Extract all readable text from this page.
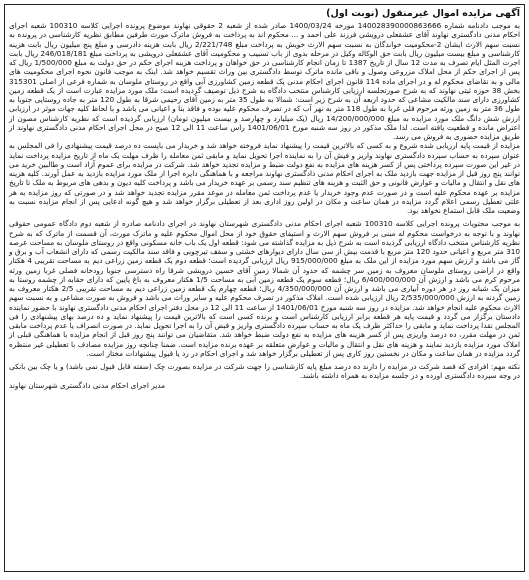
آگهی مزایده اموال غیرمنقول (نوبت اول)

به موجب دادنامه شماره 140028390000863666 مورخه 1400/03/24 صادر شده از شعبه 2 حقوقی نهاوند موضوع پرونده اجرایی کلاسه 100310 شعبه اجرای احکام مدنی دادگستری نهاوند آقای عشقعلی درویشی فرزند علی احمد و ... محکوم اند به پرداخت به فروش ماترک مورث طرفین مطابق نظریه کارشناسی در پرونده به نسبت سهم الارث ایشان 2-محکومیت خواندگان به نسبت سهم الارث خویش به پرداخت مبلغ 2/221/748 ریال بابت هزینه دادرسی و مبلغ پنج میلیون ریال بابت هزینه کارشناسی و مبلغ بیست میلیون ریال بابت حق الوکاله وکیل در مرحله بدوی از باب تسبیب و محکومیت آقای عشقعلی درویشی به پرداخت مبلغ 246/018/181 ریال بابت اجرت المثل ایام تصرف به مدت 12 سال از تاریخ 1387 تا زمان انجام کارشناسی در حق خواهان و پرداخت هزینه اجرای حکم در حق دولت به مبلغ 1/500/000 ریال که پس از اجرای حکم از محل املاک مزروعی وصول و باقی مانده ماترک توسط دادگستری بین وراث تقسیم خواهد شد. اینک به موجب قانون نحوه اجرای محکومیت های مالی و به تقاضای محکوم له و در اجرای ماده 114 قانون اجرای احکام مدنی یک قطعه زمین کشاورزی آبی واقع در روستای ملوسان به شماره فرعی از اصلی 315301 بخش 38 حوزه ثبتی نهاوند که به شرح صورتجلسه ارزیابی کارشناس منتخب دادگاه به شرح ذیل توصیف گردیده است: ملک مورد مزایده عبارت است از یک قطعه زمین کشاورزی دارای سند مالکیت مشاعی که حدود اربعه آن به شرح زیر است: شمالا به طول 35 متر به زمین آقای رحیمی شرقا به طول 120 متر به جاده روستایی جنوبا به طول 36 متر به زمین ورثه مرحوم قلی غربا به طول 118 متر به نهر آب که در تصرف محکوم علیه بوده و فاقد بنا و اعیانی می باشد و با لحاظ کلیه جهات موثر در ارزیابی ارزش شش دانگ ملک مورد مزایده به مبلغ 14/200/000/000 ریال (یک میلیارد و چهارصد و بیست میلیون تومان) ارزیابی گردیده است که نظریه کارشناس مصون از اعتراض مانده و قطعیت یافته است. لذا ملک مذکور در روز سه شنبه مورخ 1401/06/01 راس ساعت 11 الی 12 صبح در محل اجرای احکام مدنی دادگستری نهاوند از طریق مزایده حضوری به فروش می رسد.

مزایده از قیمت پایه ارزیابی شده شروع و به کسی که بالاترین قیمت را پیشنهاد نماید فروخته خواهد شد و خریدار می بایست ده درصد قیمت پیشنهادی را فی المجلس به عنوان سپرده به حساب سپرده دادگستری نهاوند واریز و فیش آن را به نماینده اجرا تحویل نماید و مابقی ثمن معامله را ظرف مهلت یک ماه از تاریخ مزایده پرداخت نماید در غیر این صورت سپرده پرداختی پس از کسر هزینه های مزایده به نفع دولت ضبط و مزایده تجدید خواهد شد. شرکت در مزایده برای عموم آزاد است و طالبین خرید می توانند پنج روز قبل از مزایده جهت بازدید ملک به اجرای احکام مدنی دادگستری نهاوند مراجعه و با هماهنگی دایره اجرا از ملک مورد مزایده بازدید به عمل آورند. کلیه هزینه های نقل و انتقال و مالیات و عوارض قانونی و حق الثبت و هزینه های تنظیم سند رسمی بر عهده خریدار می باشد و پرداخت کلیه دیون و بدهی های مربوط به ملک تا تاریخ مزایده بر عهده محکوم علیه است و در صورت عدم وجود خریدار یا عدم پرداخت ثمن معامله در موعد مقرر مزایده تجدید خواهد شد و در صورتی که روز مزایده به هر علتی تعطیل رسمی اعلام گردد مزایده در همان ساعت و مکان در اولین روز اداری بعد از تعطیلی برگزار خواهد شد و هیچ گونه ادعایی پس از انجام مزایده نسبت به وضعیت ملک قابل استماع نخواهد بود.

به موجب محتویات پرونده اجرایی کلاسه 100310 شعبه اجرای احکام مدنی دادگستری شهرستان نهاوند در اجرای دادنامه صادره از شعبه دوم دادگاه عمومی حقوقی نهاوند و با توجه به درخواست محکوم له مبنی بر فروش سهم الارث و استیفای حقوق خود از محل اموال محکوم علیه و ماترک مورث، آن قسمت از ماترک که به شرح نظریه کارشناس منتخب دادگاه ارزیابی گردیده است به شرح ذیل به مزایده گذاشته می شود: قطعه اول یک باب خانه مسکونی واقع در روستای ملوسان به مساحت عرصه 310 متر مربع و اعیانی حدود 120 متر مربع با قدمت بیش از سی سال دارای دیوارهای خشتی و سقف تیرچوبی و فاقد سند مالکیت رسمی که دارای انشعاب آب و برق و گاز می باشد و ارزش سهم مورد مزایده از این ملک به مبلغ 915/000/000 ریال ارزیابی گردیده است؛ قطعه دوم یک قطعه زمین زراعی دیم به مساحت تقریبی 4 هکتار واقع در اراضی روستای ملوسان معروف به زمین سر چشمه که حدود آن شمالا زمین آقای حسین درویشی شرقا راه دسترسی جنوبا رودخانه فصلی غربا زمین ورثه مرحوم کرم می باشد و ارزش آن 6/400/000/000 ریال؛ قطعه سوم یک قطعه زمین آبی به مساحت 1/5 هکتار معروف به باغ پایین که دارای حقابه از چشمه روستا به میزان یک شبانه روز در هر دوره آبیاری می باشد و ارزش آن 4/350/000/000 ریال؛ قطعه چهارم یک قطعه زمین زراعی دیم به مساحت تقریبی 2/5 هکتار معروف به زمین گردنه به ارزش 2/535/000/000 ریال ارزیابی شده است. املاک مذکور در تصرف محکوم علیه و سایر وراث می باشد و فروش به صورت مشاعی و به نسبت سهم الارث محکوم علیه انجام خواهد شد. مزایده در روز سه شنبه مورخ 1401/06/01 از ساعت 11 الی 12 در محل دفتر اجرای احکام مدنی دادگستری نهاوند با حضور نماینده دادستان برگزار می گردد و قیمت پایه هر قطعه برابر ارزیابی کارشناس است و برنده کسی است که بالاترین قیمت را پیشنهاد نماید و ده درصد بهای پیشنهادی را فی المجلس نقدا پرداخت نماید و مابقی را حداکثر ظرف یک ماه به حساب سپرده دادگستری واریز و قبض آن را به اجرا تحویل نماید. در صورت انصراف یا عدم پرداخت مابقی ثمن در مهلت مقرر، ده درصد واریزی پس از کسر هزینه های مزایده به نفع دولت ضبط خواهد شد. متقاضیان می توانند پنج روز قبل از انجام مزایده با هماهنگی قبلی از املاک مورد مزایده بازدید نمایند و هزینه های نقل و انتقال و مالیات و عوارض متعلقه بر عهده برنده مزایده است. ضمنا چنانچه روز مزایده مصادف با تعطیلی غیر منتظره گردد مزایده در همان ساعت و مکان در نخستین روز کاری پس از تعطیلی برگزار خواهد شد و اجرای احکام در رد یا قبول پیشنهادات مختار است.

نکته مهم: افرادی که قصد شرکت در مزایده را دارند ده درصد مبلغ پایه کارشناسی را جهت شرکت در مزایده بصورت چک (سفته قابل قبول نمی باشد) و یا چک بین بانکی در وجه سپرده دادگستری اورده و در جلسه مزایده به همراه داشته باشند.

مدیر اجرای احکام مدنی دادگستری شهرستان نهاوند
